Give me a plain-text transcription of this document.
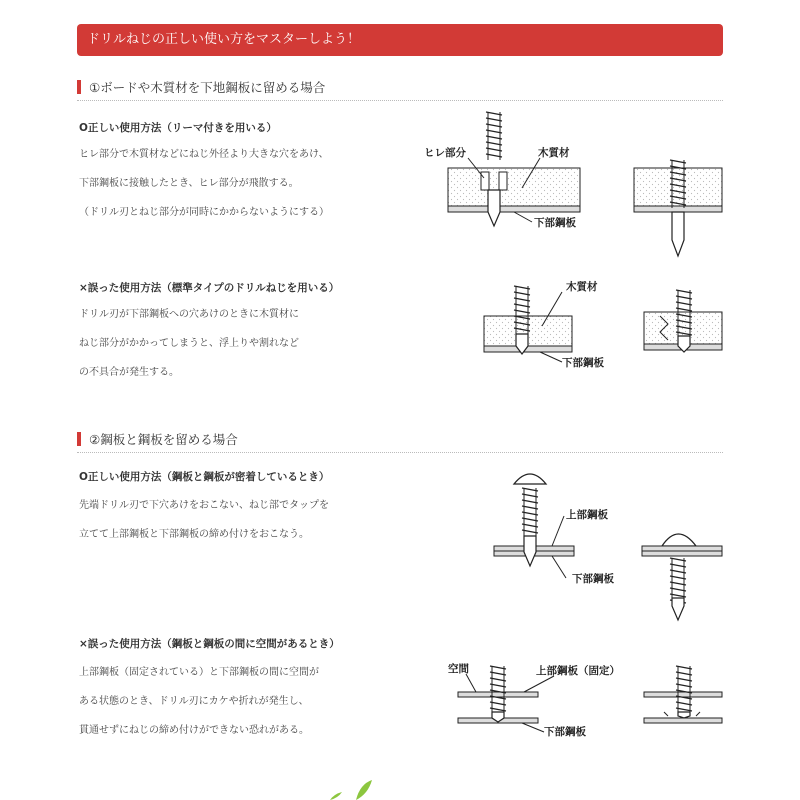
ドリルねじの正しい使い方をマスターしよう！
①ボードや木質材を下地鋼板に留める場合
O正しい使用方法（リーマ付きを用いる）
ヒレ部分で木質材などにねじ外径より大きな穴をあけ、
下部鋼板に接触したとき、ヒレ部分が飛散する。
（ドリル刃とねじ部分が同時にかからないようにする）
×誤った使用方法（標準タイプのドリルねじを用いる）
ドリル刃が下部鋼板への穴あけのときに木質材に
ねじ部分がかかってしまうと、浮上りや割れなど
の不具合が発生する。
②鋼板と鋼板を留める場合
O正しい使用方法（鋼板と鋼板が密着しているとき）
先端ドリル刃で下穴あけをおこない、ねじ部でタップを
立てて上部鋼板と下部鋼板の締め付けをおこなう。
×誤った使用方法（鋼板と鋼板の間に空間があるとき）
上部鋼板（固定されている）と下部鋼板の間に空間が
ある状態のとき、ドリル刃にカケや折れが発生し、
貫通せずにねじの締め付けができない恐れがある。
ヒレ部分	木質材
下部鋼板
木質材
下部鋼板
上部鋼板
下部鋼板
空間	上部鋼板（固定）
下部鋼板
